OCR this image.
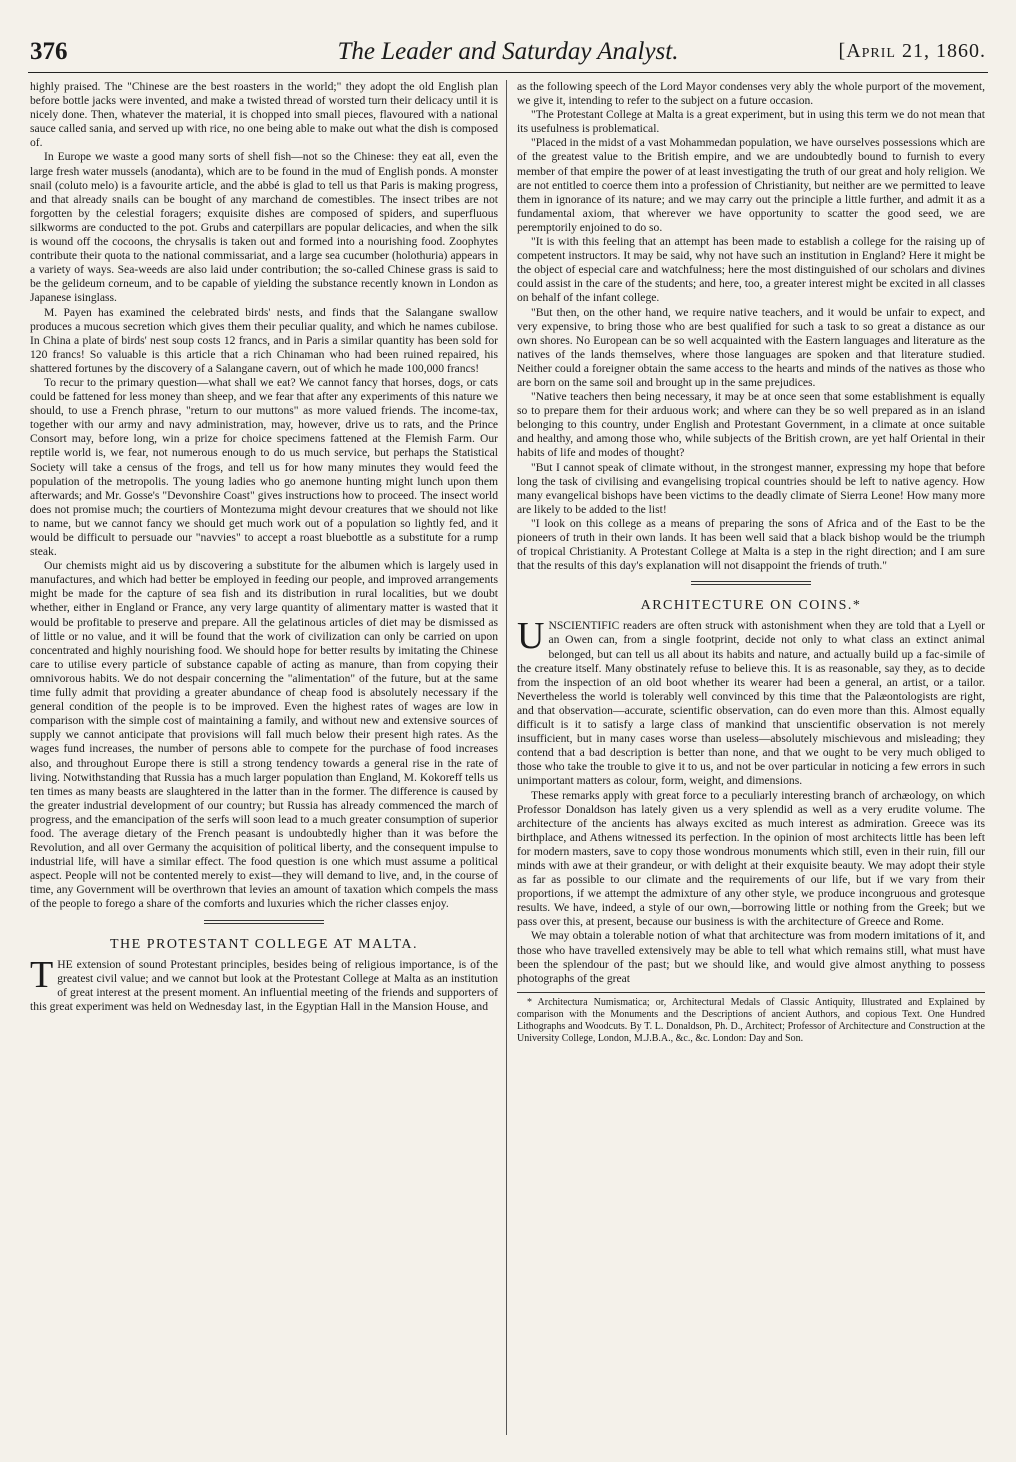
376	The Leader and Saturday Analyst.	[April 21, 1860.

highly praised. The "Chinese are the best roasters in the world;" they adopt the old English plan before bottle jacks were invented, and make a twisted thread of worsted turn their delicacy until it is nicely done. Then, whatever the material, it is chopped into small pieces, flavoured with a national sauce called sania, and served up with rice, no one being able to make out what the dish is composed of.

In Europe we waste a good many sorts of shell fish—not so the Chinese: they eat all, even the large fresh water mussels (anodanta), which are to be found in the mud of English ponds. A monster snail (coluto melo) is a favourite article, and the abbé is glad to tell us that Paris is making progress, and that already snails can be bought of any marchand de comestibles. The insect tribes are not forgotten by the celestial foragers; exquisite dishes are composed of spiders, and superfluous silkworms are conducted to the pot. Grubs and caterpillars are popular delicacies, and when the silk is wound off the cocoons, the chrysalis is taken out and formed into a nourishing food. Zoophytes contribute their quota to the national commissariat, and a large sea cucumber (holothuria) appears in a variety of ways. Sea-weeds are also laid under contribution; the so-called Chinese grass is said to be the gelideum corneum, and to be capable of yielding the substance recently known in London as Japanese isinglass.

M. Payen has examined the celebrated birds' nests, and finds that the Salangane swallow produces a mucous secretion which gives them their peculiar quality, and which he names cubilose. In China a plate of birds' nest soup costs 12 francs, and in Paris a similar quantity has been sold for 120 francs! So valuable is this article that a rich Chinaman who had been ruined repaired, his shattered fortunes by the discovery of a Salangane cavern, out of which he made 100,000 francs!

To recur to the primary question—what shall we eat? We cannot fancy that horses, dogs, or cats could be fattened for less money than sheep, and we fear that after any experiments of this nature we should, to use a French phrase, "return to our muttons" as more valued friends. The income-tax, together with our army and navy administration, may, however, drive us to rats, and the Prince Consort may, before long, win a prize for choice specimens fattened at the Flemish Farm. Our reptile world is, we fear, not numerous enough to do us much service, but perhaps the Statistical Society will take a census of the frogs, and tell us for how many minutes they would feed the population of the metropolis. The young ladies who go anemone hunting might lunch upon them afterwards; and Mr. Gosse's "Devonshire Coast" gives instructions how to proceed. The insect world does not promise much; the courtiers of Montezuma might devour creatures that we should not like to name, but we cannot fancy we should get much work out of a population so lightly fed, and it would be difficult to persuade our "navvies" to accept a roast bluebottle as a substitute for a rump steak.

Our chemists might aid us by discovering a substitute for the albumen which is largely used in manufactures, and which had better be employed in feeding our people, and improved arrangements might be made for the capture of sea fish and its distribution in rural localities, but we doubt whether, either in England or France, any very large quantity of alimentary matter is wasted that it would be profitable to preserve and prepare. All the gelatinous articles of diet may be dismissed as of little or no value, and it will be found that the work of civilization can only be carried on upon concentrated and highly nourishing food. We should hope for better results by imitating the Chinese care to utilise every particle of substance capable of acting as manure, than from copying their omnivorous habits. We do not despair concerning the "alimentation" of the future, but at the same time fully admit that providing a greater abundance of cheap food is absolutely necessary if the general condition of the people is to be improved. Even the highest rates of wages are low in comparison with the simple cost of maintaining a family, and without new and extensive sources of supply we cannot anticipate that provisions will fall much below their present high rates. As the wages fund increases, the number of persons able to compete for the purchase of food increases also, and throughout Europe there is still a strong tendency towards a general rise in the rate of living. Notwithstanding that Russia has a much larger population than England, M. Kokoreff tells us ten times as many beasts are slaughtered in the latter than in the former. The difference is caused by the greater industrial development of our country; but Russia has already commenced the march of progress, and the emancipation of the serfs will soon lead to a much greater consumption of superior food. The average dietary of the French peasant is undoubtedly higher than it was before the Revolution, and all over Germany the acquisition of political liberty, and the consequent impulse to industrial life, will have a similar effect. The food question is one which must assume a political aspect. People will not be contented merely to exist—they will demand to live, and, in the course of time, any Government will be overthrown that levies an amount of taxation which compels the mass of the people to forego a share of the comforts and luxuries which the richer classes enjoy.

THE PROTESTANT COLLEGE AT MALTA.

THE extension of sound Protestant principles, besides being of religious importance, is of the greatest civil value; and we cannot but look at the Protestant College at Malta as an institution of great interest at the present moment. An influential meeting of the friends and supporters of this great experiment was held on Wednesday last, in the Egyptian Hall in the Mansion House, and

as the following speech of the Lord Mayor condenses very ably the whole purport of the movement, we give it, intending to refer to the subject on a future occasion.

"The Protestant College at Malta is a great experiment, but in using this term we do not mean that its usefulness is problematical.

"Placed in the midst of a vast Mohammedan population, we have ourselves possessions which are of the greatest value to the British empire, and we are undoubtedly bound to furnish to every member of that empire the power of at least investigating the truth of our great and holy religion. We are not entitled to coerce them into a profession of Christianity, but neither are we permitted to leave them in ignorance of its nature; and we may carry out the principle a little further, and admit it as a fundamental axiom, that wherever we have opportunity to scatter the good seed, we are peremptorily enjoined to do so.

"It is with this feeling that an attempt has been made to establish a college for the raising up of competent instructors. It may be said, why not have such an institution in England? Here it might be the object of especial care and watchfulness; here the most distinguished of our scholars and divines could assist in the care of the students; and here, too, a greater interest might be excited in all classes on behalf of the infant college.

"But then, on the other hand, we require native teachers, and it would be unfair to expect, and very expensive, to bring those who are best qualified for such a task to so great a distance as our own shores. No European can be so well acquainted with the Eastern languages and literature as the natives of the lands themselves, where those languages are spoken and that literature studied. Neither could a foreigner obtain the same access to the hearts and minds of the natives as those who are born on the same soil and brought up in the same prejudices.

"Native teachers then being necessary, it may be at once seen that some establishment is equally so to prepare them for their arduous work; and where can they be so well prepared as in an island belonging to this country, under English and Protestant Government, in a climate at once suitable and healthy, and among those who, while subjects of the British crown, are yet half Oriental in their habits of life and modes of thought?

"But I cannot speak of climate without, in the strongest manner, expressing my hope that before long the task of civilising and evangelising tropical countries should be left to native agency. How many evangelical bishops have been victims to the deadly climate of Sierra Leone! How many more are likely to be added to the list!

"I look on this college as a means of preparing the sons of Africa and of the East to be the pioneers of truth in their own lands. It has been well said that a black bishop would be the triumph of tropical Christianity. A Protestant College at Malta is a step in the right direction; and I am sure that the results of this day's explanation will not disappoint the friends of truth."

ARCHITECTURE ON COINS.*

UNSCIENTIFIC readers are often struck with astonishment when they are told that a Lyell or an Owen can, from a single footprint, decide not only to what class an extinct animal belonged, but can tell us all about its habits and nature, and actually build up a fac-simile of the creature itself. Many obstinately refuse to believe this. It is as reasonable, say they, as to decide from the inspection of an old boot whether its wearer had been a general, an artist, or a tailor. Nevertheless the world is tolerably well convinced by this time that the Palæontologists are right, and that observation—accurate, scientific observation, can do even more than this. Almost equally difficult is it to satisfy a large class of mankind that unscientific observation is not merely insufficient, but in many cases worse than useless—absolutely mischievous and misleading; they contend that a bad description is better than none, and that we ought to be very much obliged to those who take the trouble to give it to us, and not be over particular in noticing a few errors in such unimportant matters as colour, form, weight, and dimensions.

These remarks apply with great force to a peculiarly interesting branch of archæology, on which Professor Donaldson has lately given us a very splendid as well as a very erudite volume. The architecture of the ancients has always excited as much interest as admiration. Greece was its birthplace, and Athens witnessed its perfection. In the opinion of most architects little has been left for modern masters, save to copy those wondrous monuments which still, even in their ruin, fill our minds with awe at their grandeur, or with delight at their exquisite beauty. We may adopt their style as far as possible to our climate and the requirements of our life, but if we vary from their proportions, if we attempt the admixture of any other style, we produce incongruous and grotesque results. We have, indeed, a style of our own,—borrowing little or nothing from the Greek; but we pass over this, at present, because our business is with the architecture of Greece and Rome.

We may obtain a tolerable notion of what that architecture was from modern imitations of it, and those who have travelled extensively may be able to tell what which remains still, what must have been the splendour of the past; but we should like, and would give almost anything to possess photographs of the great

* Architectura Numismatica; or, Architectural Medals of Classic Antiquity, Illustrated and Explained by comparison with the Monuments and the Descriptions of ancient Authors, and copious Text. One Hundred Lithographs and Woodcuts. By T. L. Donaldson, Ph. D., Architect; Professor of Architecture and Construction at the University College, London, M.J.B.A., &c., &c. London: Day and Son.
